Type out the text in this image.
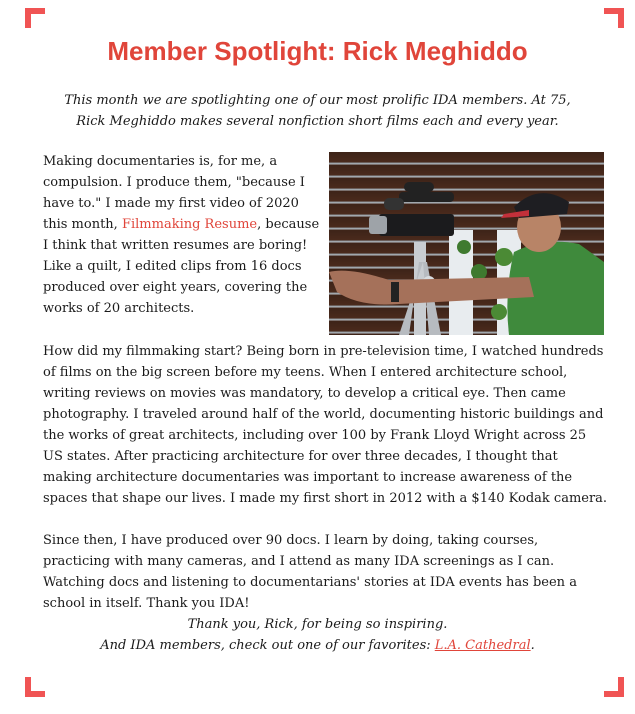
Member Spotlight: Rick Meghiddo

This month we are spotlighting one of our most prolific IDA members. At 75, Rick Meghiddo makes several nonfiction short films each and every year.

Making documentaries is, for me, a compulsion. I produce them, "because I have to." I made my first video of 2020 this month, Filmmaking Resume, because I think that written resumes are boring! Like a quilt, I edited clips from 16 docs produced over eight years, covering the works of 20 architects.

How did my filmmaking start? Being born in pre-television time, I watched hundreds of films on the big screen before my teens. When I entered architecture school, writing reviews on movies was mandatory, to develop a critical eye. Then came photography. I traveled around half of the world, documenting historic buildings and the works of great architects, including over 100 by Frank Lloyd Wright across 25 US states. After practicing architecture for over three decades, I thought that making architecture documentaries was important to increase awareness of the spaces that shape our lives. I made my first short in 2012 with a $140 Kodak camera.

Since then, I have produced over 90 docs. I learn by doing, taking courses, practicing with many cameras, and I attend as many IDA screenings as I can. Watching docs and listening to documentarians' stories at IDA events has been a school in itself. Thank you IDA!

Thank you, Rick, for being so inspiring.
And IDA members, check out one of our favorites: L.A. Cathedral.
